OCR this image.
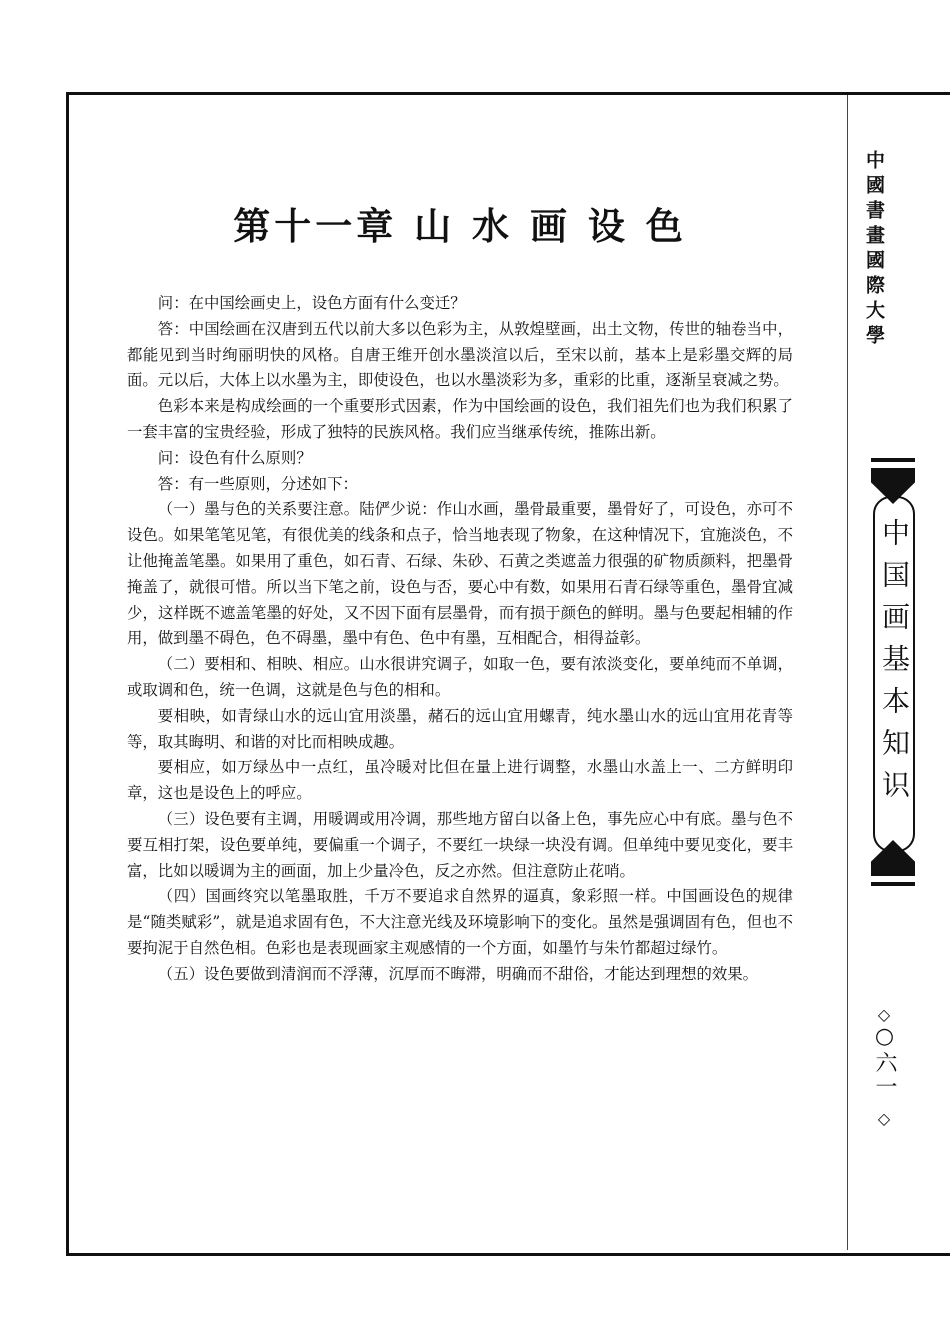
第十一章 山 水 画 设 色

问：在中国绘画史上，设色方面有什么变迁？

答：中国绘画在汉唐到五代以前大多以色彩为主，从敦煌壁画，出土文物，传世的轴卷当中，都能见到当时绚丽明快的风格。自唐王维开创水墨淡渲以后，至宋以前，基本上是彩墨交辉的局面。元以后，大体上以水墨为主，即使设色，也以水墨淡彩为多，重彩的比重，逐渐呈衰减之势。

色彩本来是构成绘画的一个重要形式因素，作为中国绘画的设色，我们祖先们也为我们积累了一套丰富的宝贵经验，形成了独特的民族风格。我们应当继承传统，推陈出新。

问：设色有什么原则？

答：有一些原则，分述如下：

（一）墨与色的关系要注意。陆俨少说：作山水画，墨骨最重要，墨骨好了，可设色，亦可不设色。如果笔笔见笔，有很优美的线条和点子，恰当地表现了物象，在这种情况下，宜施淡色，不让他掩盖笔墨。如果用了重色，如石青、石绿、朱砂、石黄之类遮盖力很强的矿物质颜料，把墨骨掩盖了，就很可惜。所以当下笔之前，设色与否，要心中有数，如果用石青石绿等重色，墨骨宜减少，这样既不遮盖笔墨的好处，又不因下面有层墨骨，而有损于颜色的鲜明。墨与色要起相辅的作用，做到墨不碍色，色不碍墨，墨中有色、色中有墨，互相配合，相得益彰。

（二）要相和、相映、相应。山水很讲究调子，如取一色，要有浓淡变化，要单纯而不单调，或取调和色，统一色调，这就是色与色的相和。

要相映，如青绿山水的远山宜用淡墨，赭石的远山宜用螺青，纯水墨山水的远山宜用花青等等，取其晦明、和谐的对比而相映成趣。

要相应，如万绿丛中一点红，虽冷暖对比但在量上进行调整，水墨山水盖上一、二方鲜明印章，这也是设色上的呼应。

（三）设色要有主调，用暖调或用冷调，那些地方留白以备上色，事先应心中有底。墨与色不要互相打架，设色要单纯，要偏重一个调子，不要红一块绿一块没有调。但单纯中要见变化，要丰富，比如以暖调为主的画面，加上少量冷色，反之亦然。但注意防止花哨。

（四）国画终究以笔墨取胜，千万不要追求自然界的逼真，象彩照一样。中国画设色的规律是“随类赋彩”，就是追求固有色，不大注意光线及环境影响下的变化。虽然是强调固有色，但也不要拘泥于自然色相。色彩也是表现画家主观感情的一个方面，如墨竹与朱竹都超过绿竹。

（五）设色要做到清润而不浮薄，沉厚而不晦滞，明确而不甜俗，才能达到理想的效果。

中國書畫國際大學
中国画基本知识
◇
○六一
◇
